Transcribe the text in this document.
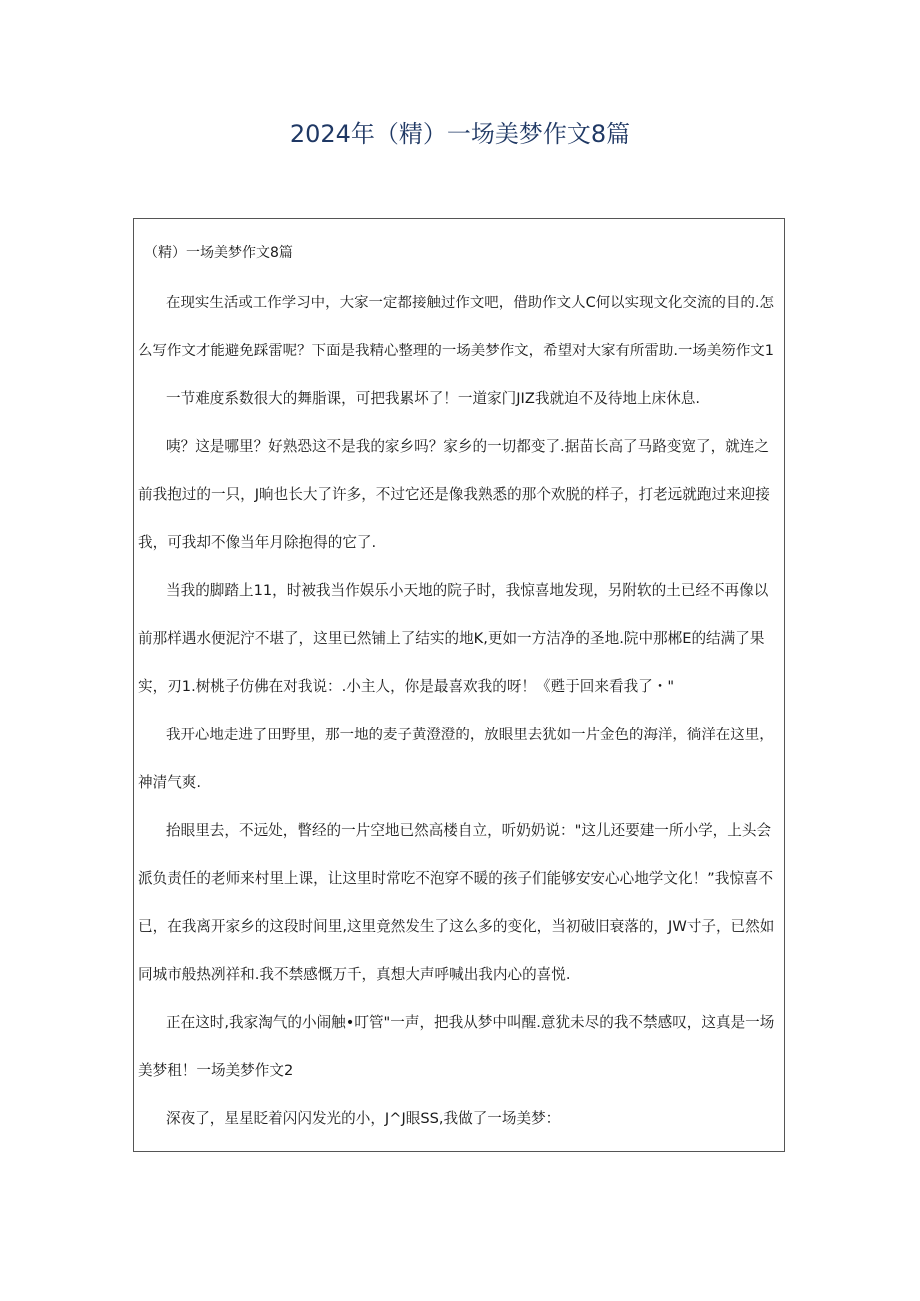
2024年（精）一场美梦作文8篇

（精）一场美梦作文8篇

在现实生活或工作学习中，大家一定都接触过作文吧，借助作文人C何以实现文化交流的目的.怎
么写作文才能避免踩雷呢？下面是我精心整理的一场美梦作文，希望对大家有所雷助.一场美笏作文1
一节难度系数很大的舞脂课，可把我累坏了！一道家门JIZ我就迫不及待地上床休息.
咦？这是哪里？好熟恐这不是我的家乡吗？家乡的一切都变了.据苗长高了马路变宽了，就连之
前我抱过的一只，J晌也长大了许多，不过它还是像我熟悉的那个欢脱的样子，打老远就跑过来迎接
我，可我却不像当年月除抱得的它了.
当我的脚踏上11，时被我当作娱乐小天地的院子时，我惊喜地发现，另附软的土已经不再像以
前那样遇水便泥泞不堪了，这里已然铺上了结实的地K,更如一方洁净的圣地.院中那郴E的结满了果
实，刃1.树桃子仿佛在对我说：.小主人，你是最喜欢我的呀！《甦于回来看我了・"
我开心地走进了田野里，那一地的麦子黄澄澄的，放眼里去犹如一片金色的海洋，徜洋在这里，
神清气爽.
抬眼里去，不远处，瞥经的一片空地已然高楼自立，听奶奶说："这儿还要建一所小学，上头会
派负责任的老师来村里上课，让这里时常吃不泡穿不暖的孩子们能够安安心心地学文化！”我惊喜不
已，在我离开家乡的这段时间里,这里竟然发生了这么多的变化，当初破旧衰落的，JW寸子，已然如
同城市般热冽祥和.我不禁感慨万千，真想大声呼喊出我内心的喜悦.
正在这时,我家淘气的小闹触•叮管"一声，把我从梦中叫醒.意犹未尽的我不禁感叹，这真是一场
美梦租！一场美梦作文2
深夜了，星星眨着闪闪发光的小，J^J眼SS,我做了一场美梦：
